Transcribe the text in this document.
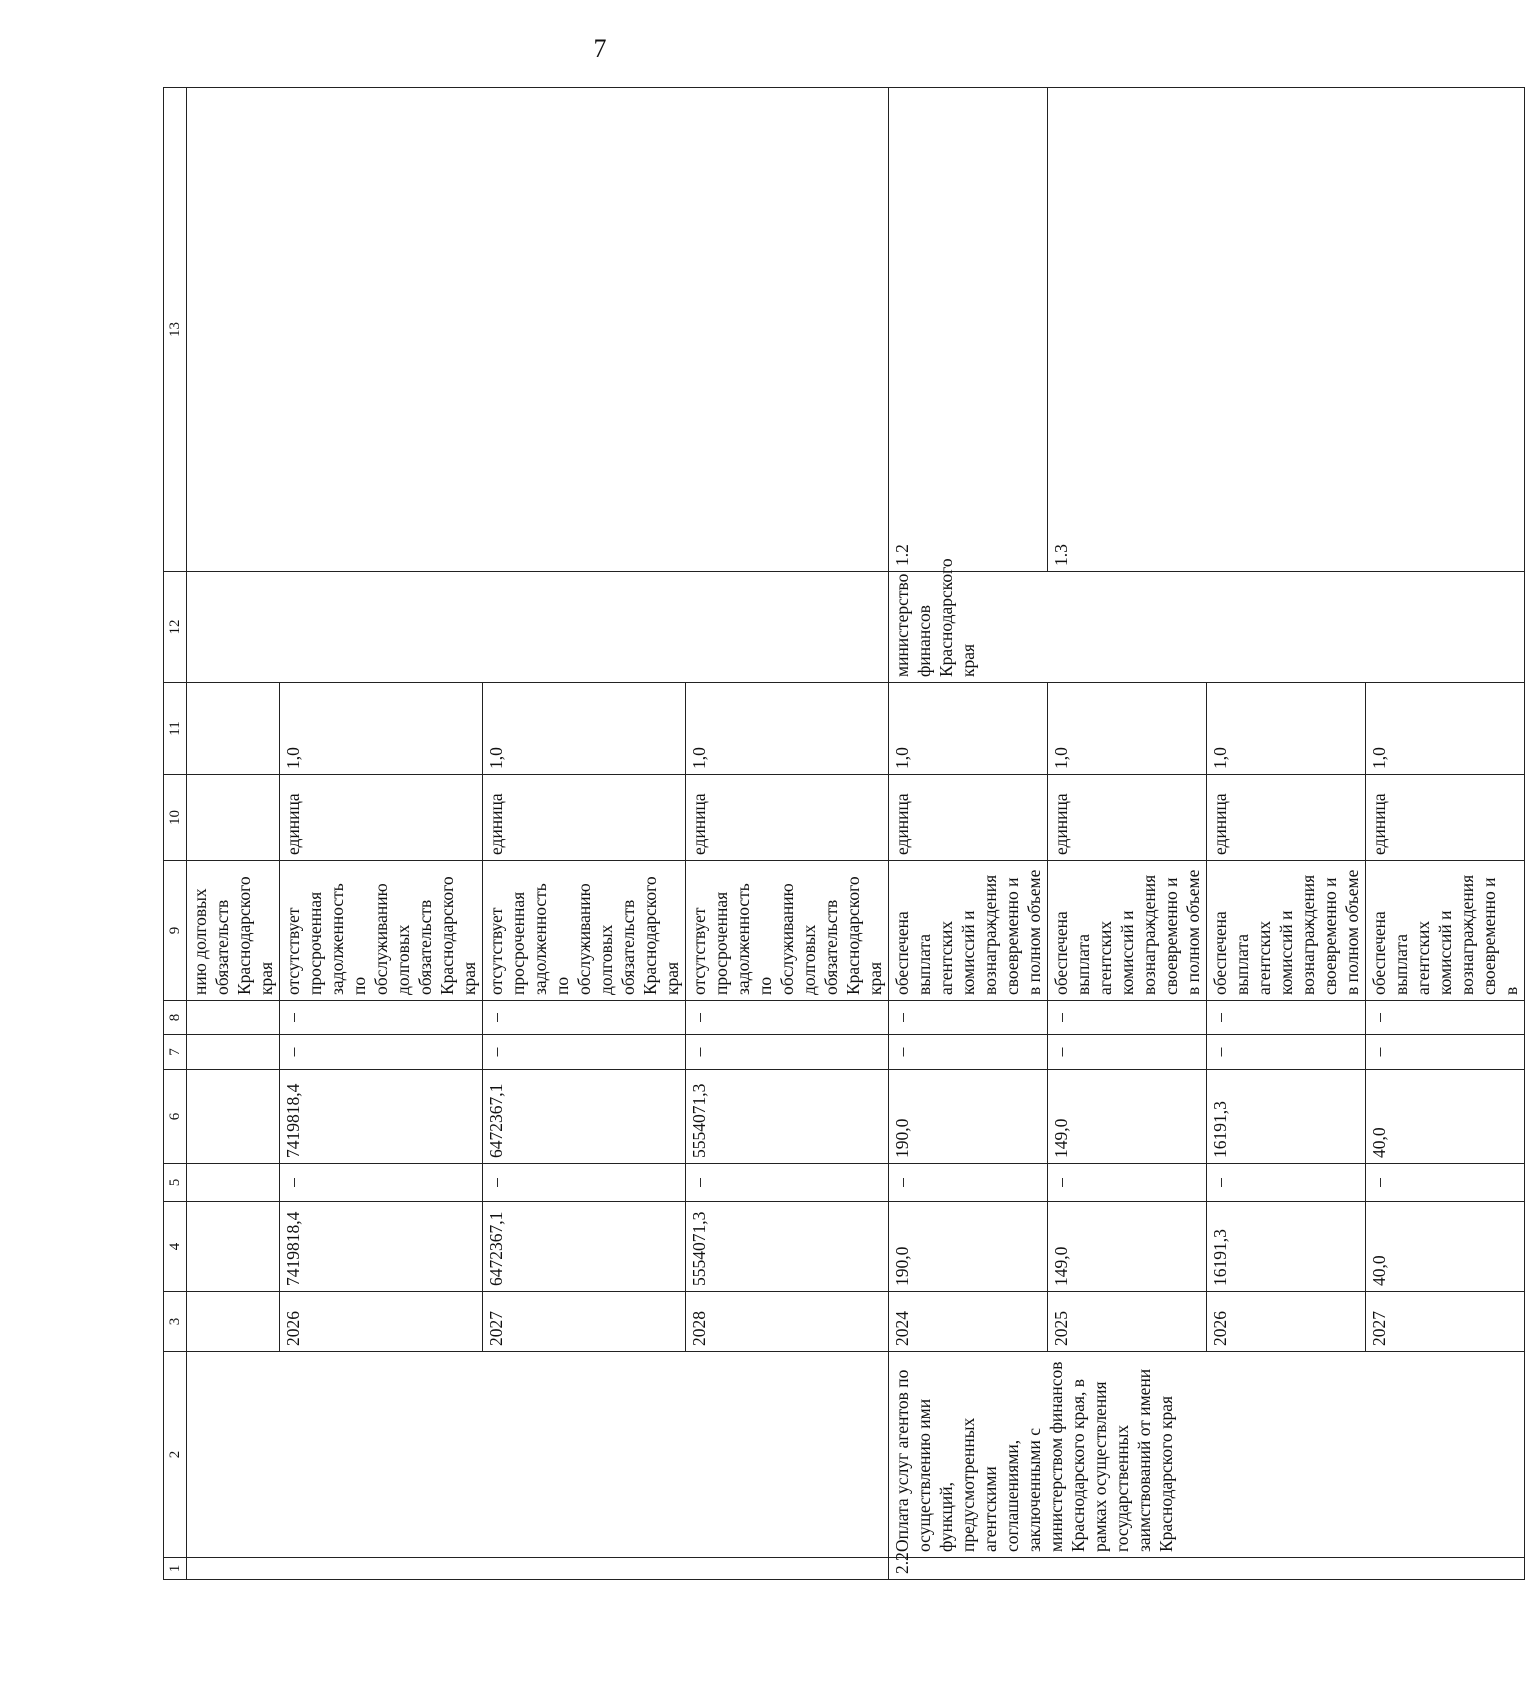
7
1	2	3	4	5	6	7	8	9	10	11	12	13
								нию долговых обязательств Краснодарского края				
		2026	7419818,4	–	7419818,4	–	–	отсутствует просроченная задолженность по обслуживанию долговых обязательств Краснодарского края	единица	1,0		
		2027	6472367,1	–	6472367,1	–	–	отсутствует просроченная задолженность по обслуживанию долговых обязательств Краснодарского края	единица	1,0		
		2028	5554071,3	–	5554071,3	–	–	отсутствует просроченная задолженность по обслуживанию долговых обязательств Краснодарского края	единица	1,0		
2.2	Оплата услуг агентов по осуществлению ими функций, предусмотренных агентскими соглашениями, заключенными с министерством финансов Краснодарского края, в рамках осуществления государственных заимствований от имени Краснодарского края	2024	190,0	–	190,0	–	–	обеспечена выплата агентских комиссий и вознаграждения своевременно и в полном объеме	единица	1,0	министерство финансов Краснодарского края	1.2
		2025	149,0	–	149,0	–	–	обеспечена выплата агентских комиссий и вознаграждения своевременно и в полном объеме	единица	1,0		1.3
		2026	16191,3	–	16191,3	–	–	обеспечена выплата агентских комиссий и вознаграждения своевременно и в полном объеме	единица	1,0		
		2027	40,0	–	40,0	–	–	обеспечена выплата агентских комиссий и вознаграждения своевременно и в	единица	1,0		
